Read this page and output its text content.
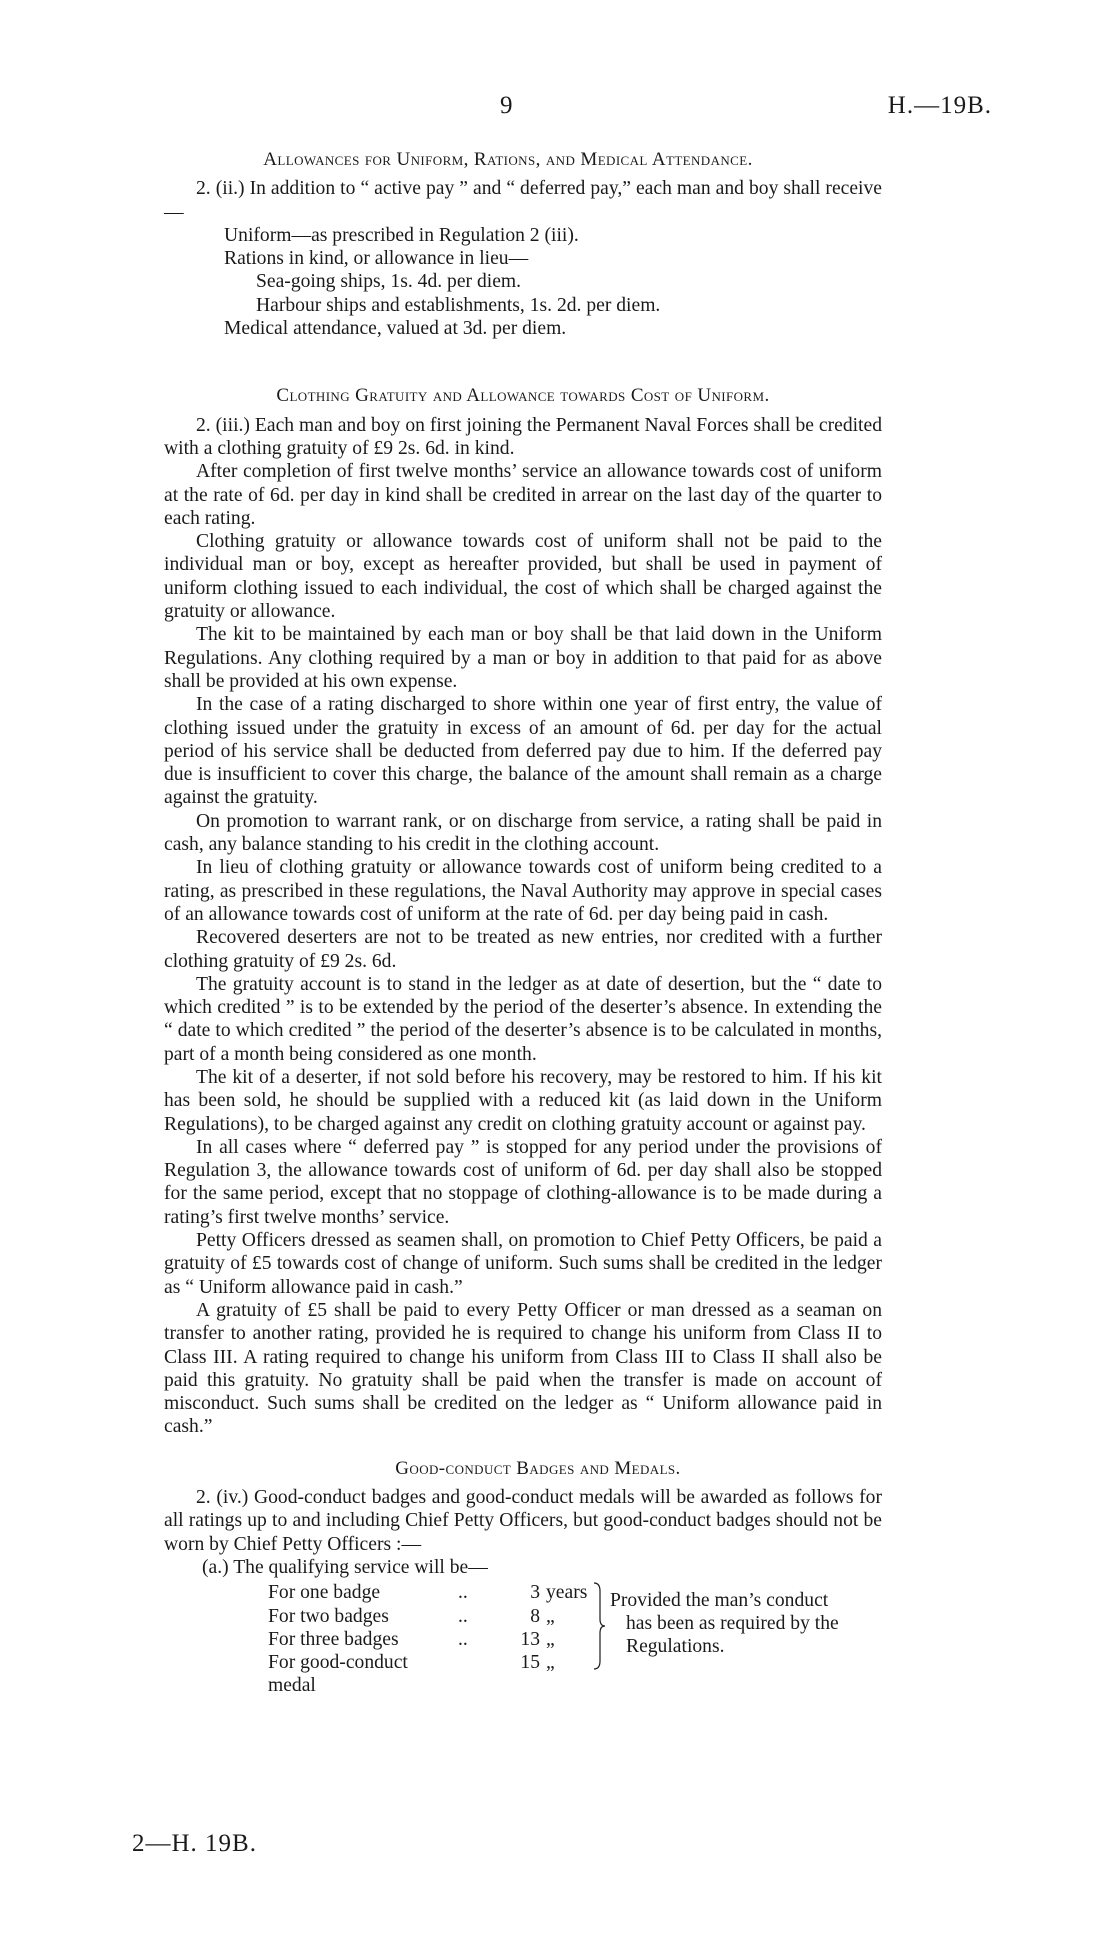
9	H.—19B.
Allowances for Uniform, Rations, and Medical Attendance.

2. (ii.) In addition to “ active pay ” and “ deferred pay,” each man and boy shall receive—

Uniform—as prescribed in Regulation 2 (iii).
Rations in kind, or allowance in lieu—
Sea-going ships, 1s. 4d. per diem.
Harbour ships and establishments, 1s. 2d. per diem.
Medical attendance, valued at 3d. per diem.
Clothing Gratuity and Allowance towards Cost of Uniform.

2. (iii.) Each man and boy on first joining the Permanent Naval Forces shall be credited with a clothing gratuity of £9 2s. 6d. in kind.

After completion of first twelve months’ service an allowance towards cost of uniform at the rate of 6d. per day in kind shall be credited in arrear on the last day of the quarter to each rating.

Clothing gratuity or allowance towards cost of uniform shall not be paid to the individual man or boy, except as hereafter provided, but shall be used in payment of uniform clothing issued to each individual, the cost of which shall be charged against the gratuity or allowance.

The kit to be maintained by each man or boy shall be that laid down in the Uniform Regulations. Any clothing required by a man or boy in addition to that paid for as above shall be provided at his own expense.

In the case of a rating discharged to shore within one year of first entry, the value of clothing issued under the gratuity in excess of an amount of 6d. per day for the actual period of his service shall be deducted from deferred pay due to him. If the deferred pay due is insufficient to cover this charge, the balance of the amount shall remain as a charge against the gratuity.

On promotion to warrant rank, or on discharge from service, a rating shall be paid in cash, any balance standing to his credit in the clothing account.

In lieu of clothing gratuity or allowance towards cost of uniform being credited to a rating, as prescribed in these regulations, the Naval Authority may approve in special cases of an allowance towards cost of uniform at the rate of 6d. per day being paid in cash.

Recovered deserters are not to be treated as new entries, nor credited with a further clothing gratuity of £9 2s. 6d.

The gratuity account is to stand in the ledger as at date of desertion, but the “ date to which credited ” is to be extended by the period of the deserter’s absence. In extending the “ date to which credited ” the period of the deserter’s absence is to be calculated in months, part of a month being considered as one month.

The kit of a deserter, if not sold before his recovery, may be restored to him. If his kit has been sold, he should be supplied with a reduced kit (as laid down in the Uniform Regulations), to be charged against any credit on clothing gratuity account or against pay.

In all cases where “ deferred pay ” is stopped for any period under the provisions of Regulation 3, the allowance towards cost of uniform of 6d. per day shall also be stopped for the same period, except that no stoppage of clothing-allowance is to be made during a rating’s first twelve months’ service.

Petty Officers dressed as seamen shall, on promotion to Chief Petty Officers, be paid a gratuity of £5 towards cost of change of uniform. Such sums shall be credited in the ledger as “ Uniform allowance paid in cash.”

A gratuity of £5 shall be paid to every Petty Officer or man dressed as a seaman on transfer to another rating, provided he is required to change his uniform from Class II to Class III. A rating required to change his uniform from Class III to Class II shall also be paid this gratuity. No gratuity shall be paid when the transfer is made on account of misconduct. Such sums shall be credited on the ledger as “ Uniform allowance paid in cash.”

Good-conduct Badges and Medals.

2. (iv.) Good-conduct badges and good-conduct medals will be awarded as follows for all ratings up to and including Chief Petty Officers, but good-conduct badges should not be worn by Chief Petty Officers :—

(a.) The qualifying service will be—
For one badge	..	3	years
For two badges	..	8	„
For three badges	..	13	„
For good-conduct medal		15	„
Provided the man’s conduct
has been as required by the
Regulations.
2—H. 19B.
